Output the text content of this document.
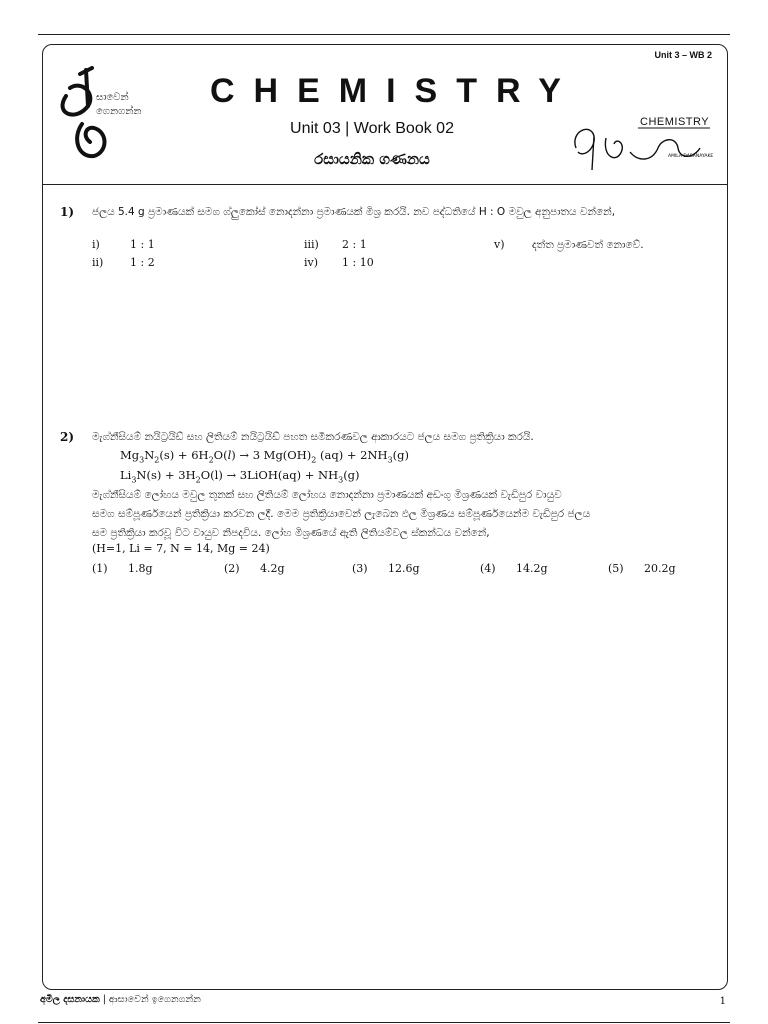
Unit 3 – WB 2
සාවෙන්
ගෙනගන්න
CHEMISTRY
Unit 03 | Work Book 02
රසායනික ගණනය	AMILA DASANAYAKE
CHEMISTRY
1) ජලය 5.4 g ප්‍රමාණයක් සමග ග්ලුකෝස් නොදන්නා ප්‍රමාණයක් මිශ්‍ර කරයි. නව පද්ධතියේ H : O මවුල අනුපාතය වන්නේ,
i)	1 : 1
ii) 1 : 2
iii) 2 : 1
iv) 1 : 10
v)	දත්ත ප්‍රමාණවත් නොවේ.
2) මැග්නීසියම් නයිට්‍රයිඩ් සහ ලිතියම් නයිට්‍රයිඩ් පහත සමීකරණවල ආකාරයට ජලය සමග ප්‍රතික්‍රියා කරයි.
$Mg_3N_2(s) + 6H_2O(l) \to 3$ $Mg(OH)_2$ $(aq) + 2NH_3(g)$
$Li_3N(s) + 3H_2O(l)$ → 3LiOH(aq) + $NH_3(g)$
මැග්නීසියම් ලෝහය මවුල තුනක් සහ ලිතියම් ලෝහය නොදන්නා ප්‍රමාණයක් අඩංගු මිශ්‍රණයක් වැඩිපුර වායුව
සමග සම්පූර්ණයෙන් ප්‍රතික්‍රියා කරවන ලදී. මෙම ප්‍රතික්‍රියාවෙන් ලැබෙන ඵල මිශ්‍රණය සම්පූර්ණයෙන්ම වැඩිපුර ජලය
සම ප්‍රතික්‍රියා කරවූ විට වායුව නිපදවිය. ලෝහ මිශ්‍රණයේ ඇති ලිතියම්වල ස්කන්ධය වන්නේ,
(H=1, Li = 7, N = 14, Mg = 24)
(1) 1.8g	(2) 4.2g	(3) 12.6g	(4) 14.2g	(5) 20.2g
අමිල දසනායක | ආසාවෙන් ඉගෙනගන්න	1
